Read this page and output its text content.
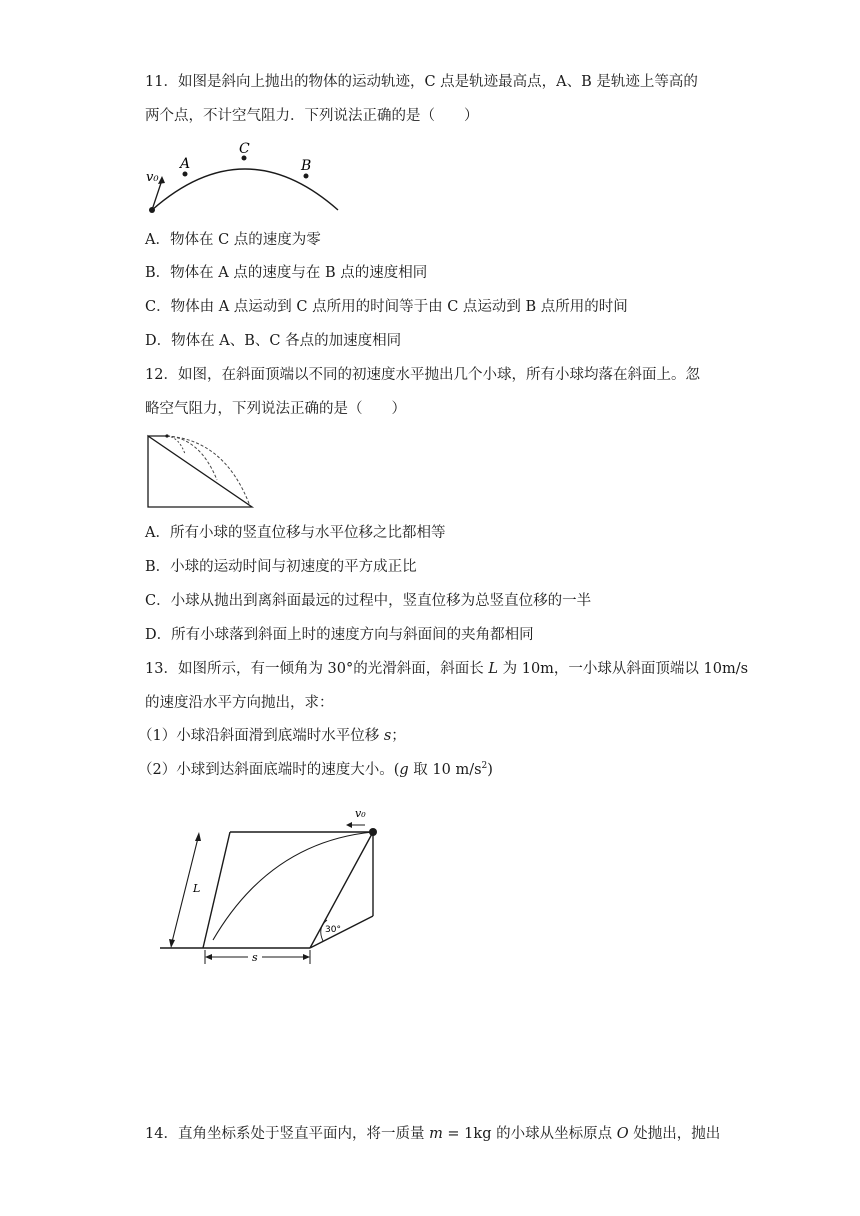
11．如图是斜向上抛出的物体的运动轨迹，C 点是轨迹最高点，A、B 是轨迹上等高的
两个点，不计空气阻力．下列说法正确的是（　　）
v₀
A
C
B
A．物体在 C 点的速度为零
B．物体在 A 点的速度与在 B 点的速度相同
C．物体由 A 点运动到 C 点所用的时间等于由 C 点运动到 B 点所用的时间
D．物体在 A、B、C 各点的加速度相同
12．如图，在斜面顶端以不同的初速度水平抛出几个小球，所有小球均落在斜面上。忽
略空气阻力，下列说法正确的是（　　）
A．所有小球的竖直位移与水平位移之比都相等
B．小球的运动时间与初速度的平方成正比
C．小球从抛出到离斜面最远的过程中，竖直位移为总竖直位移的一半
D．所有小球落到斜面上时的速度方向与斜面间的夹角都相同
13．如图所示，有一倾角为 30°的光滑斜面，斜面长 L 为 10m，一小球从斜面顶端以 10m/s
的速度沿水平方向抛出，求：
（1）小球沿斜面滑到底端时水平位移 s；
（2）小球到达斜面底端时的速度大小。(g 取 10 $m/s^2$)
L
v₀
s
30°
14．直角坐标系处于竖直平面内，将一质量 m = 1kg 的小球从坐标原点 O 处抛出，抛出
